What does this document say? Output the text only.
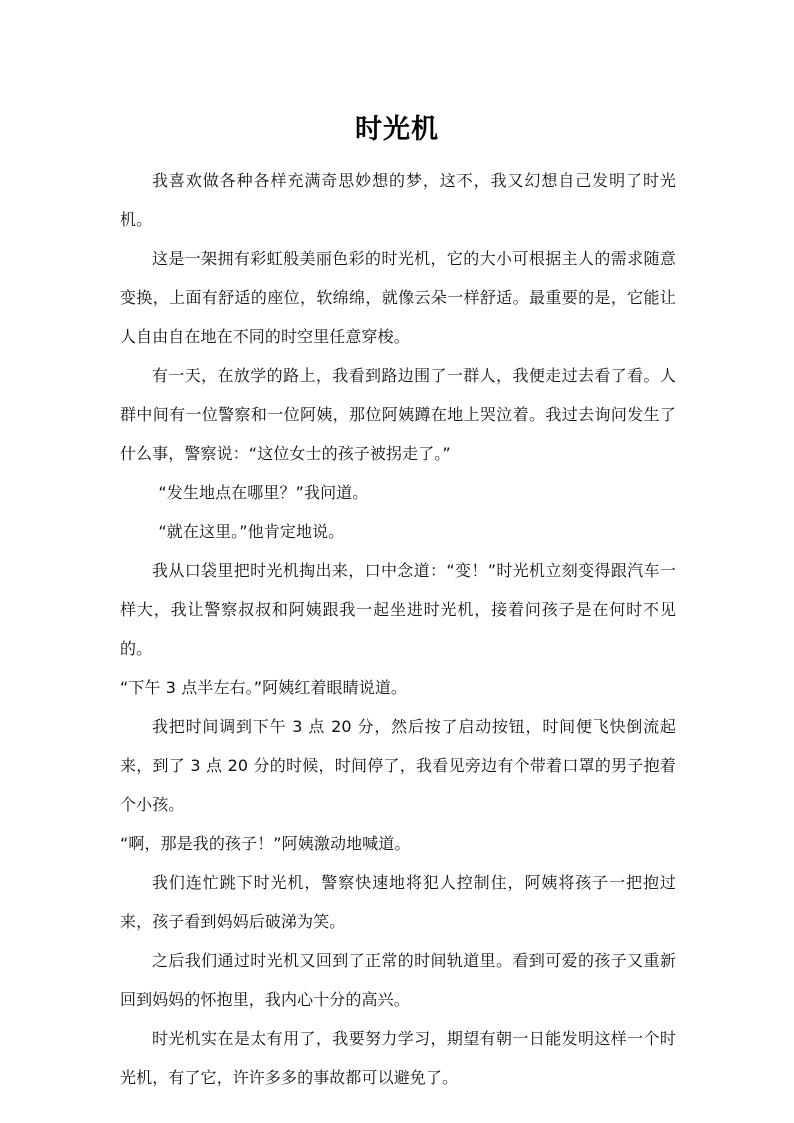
时光机

我喜欢做各种各样充满奇思妙想的梦，这不，我又幻想自己发明了时光机。

这是一架拥有彩虹般美丽色彩的时光机，它的大小可根据主人的需求随意变换，上面有舒适的座位，软绵绵，就像云朵一样舒适。最重要的是，它能让人自由自在地在不同的时空里任意穿梭。

有一天，在放学的路上，我看到路边围了一群人，我便走过去看了看。人群中间有一位警察和一位阿姨，那位阿姨蹲在地上哭泣着。我过去询问发生了什么事，警察说：“这位女士的孩子被拐走了。”

“发生地点在哪里？”我问道。

“就在这里。”他肯定地说。

我从口袋里把时光机掏出来，口中念道：“变！”时光机立刻变得跟汽车一样大，我让警察叔叔和阿姨跟我一起坐进时光机，接着问孩子是在何时不见的。

“下午 3 点半左右。”阿姨红着眼睛说道。

我把时间调到下午 3 点 20 分，然后按了启动按钮，时间便飞快倒流起来，到了 3 点 20 分的时候，时间停了，我看见旁边有个带着口罩的男子抱着个小孩。

“啊，那是我的孩子！”阿姨激动地喊道。

我们连忙跳下时光机，警察快速地将犯人控制住，阿姨将孩子一把抱过来，孩子看到妈妈后破涕为笑。

之后我们通过时光机又回到了正常的时间轨道里。看到可爱的孩子又重新回到妈妈的怀抱里，我内心十分的高兴。

时光机实在是太有用了，我要努力学习，期望有朝一日能发明这样一个时光机，有了它，许许多多的事故都可以避免了。
